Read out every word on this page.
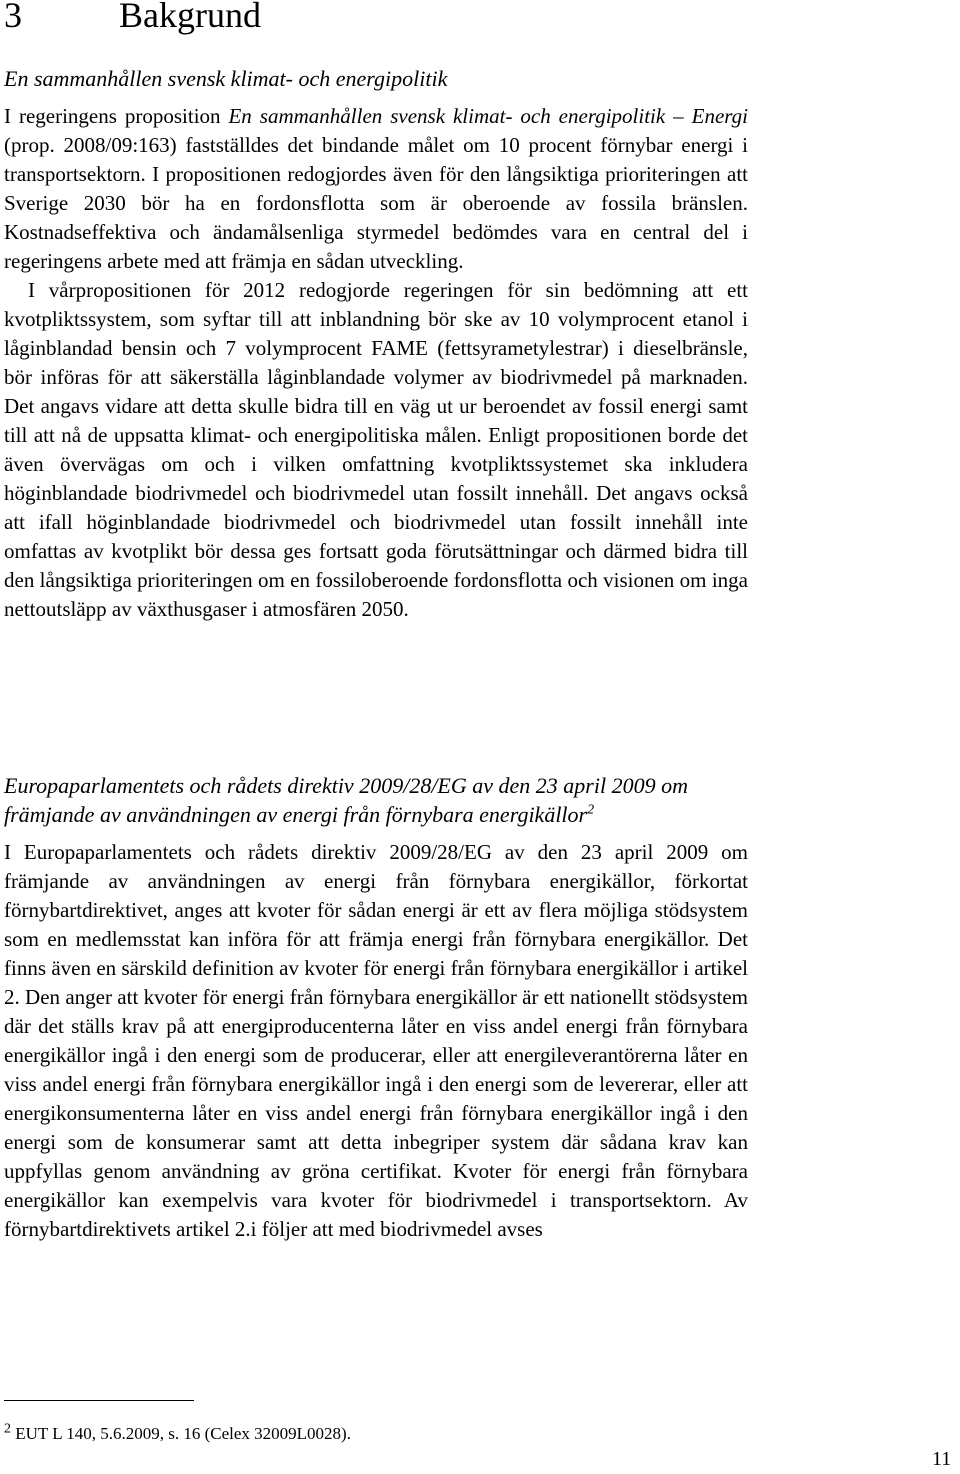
3	Bakgrund
En sammanhållen svensk klimat- och energipolitik
I regeringens proposition En sammanhållen svensk klimat- och energipolitik – Energi (prop. 2008/09:163) fastställdes det bindande målet om 10 procent förnybar energi i transportsektorn. I propositionen redogjordes även för den långsiktiga prioriteringen att Sverige 2030 bör ha en fordonsflotta som är oberoende av fossila bränslen. Kostnadseffektiva och ändamålsenliga styrmedel bedömdes vara en central del i regeringens arbete med att främja en sådan utveckling.
I vårpropositionen för 2012 redogjorde regeringen för sin bedömning att ett kvotpliktssystem, som syftar till att inblandning bör ske av 10 volymprocent etanol i låginblandad bensin och 7 volymprocent FAME (fettsyrametylestrar) i dieselbränsle, bör införas för att säkerställa låginblandade volymer av biodrivmedel på marknaden. Det angavs vidare att detta skulle bidra till en väg ut ur beroendet av fossil energi samt till att nå de uppsatta klimat- och energipolitiska målen. Enligt propositionen borde det även övervägas om och i vilken omfattning kvotpliktssystemet ska inkludera höginblandade biodrivmedel och biodrivmedel utan fossilt innehåll. Det angavs också att ifall höginblandade biodrivmedel och biodrivmedel utan fossilt innehåll inte omfattas av kvotplikt bör dessa ges fortsatt goda förutsättningar och därmed bidra till den långsiktiga prioriteringen om en fossiloberoende fordonsflotta och visionen om inga nettoutsläpp av växthusgaser i atmosfären 2050.
Europaparlamentets och rådets direktiv 2009/28/EG av den 23 april 2009 om främjande av användningen av energi från förnybara energikällor$^2$
I Europaparlamentets och rådets direktiv 2009/28/EG av den 23 april 2009 om främjande av användningen av energi från förnybara energikällor, förkortat förnybartdirektivet, anges att kvoter för sådan energi är ett av flera möjliga stödsystem som en medlemsstat kan införa för att främja energi från förnybara energikällor. Det finns även en särskild definition av kvoter för energi från förnybara energikällor i artikel 2. Den anger att kvoter för energi från förnybara energikällor är ett nationellt stödsystem där det ställs krav på att energiproducenterna låter en viss andel energi från förnybara energikällor ingå i den energi som de producerar, eller att energileverantörerna låter en viss andel energi från förnybara energikällor ingå i den energi som de levererar, eller att energikonsumenterna låter en viss andel energi från förnybara energikällor ingå i den energi som de konsumerar samt att detta inbegriper system där sådana krav kan uppfyllas genom användning av gröna certifikat. Kvoter för energi från förnybara energikällor kan exempelvis vara kvoter för biodrivmedel i transportsektorn. Av förnybartdirektivets artikel 2.i följer att med biodrivmedel avses
$^2$ EUT L 140, 5.6.2009, s. 16 (Celex 32009L0028).
11
